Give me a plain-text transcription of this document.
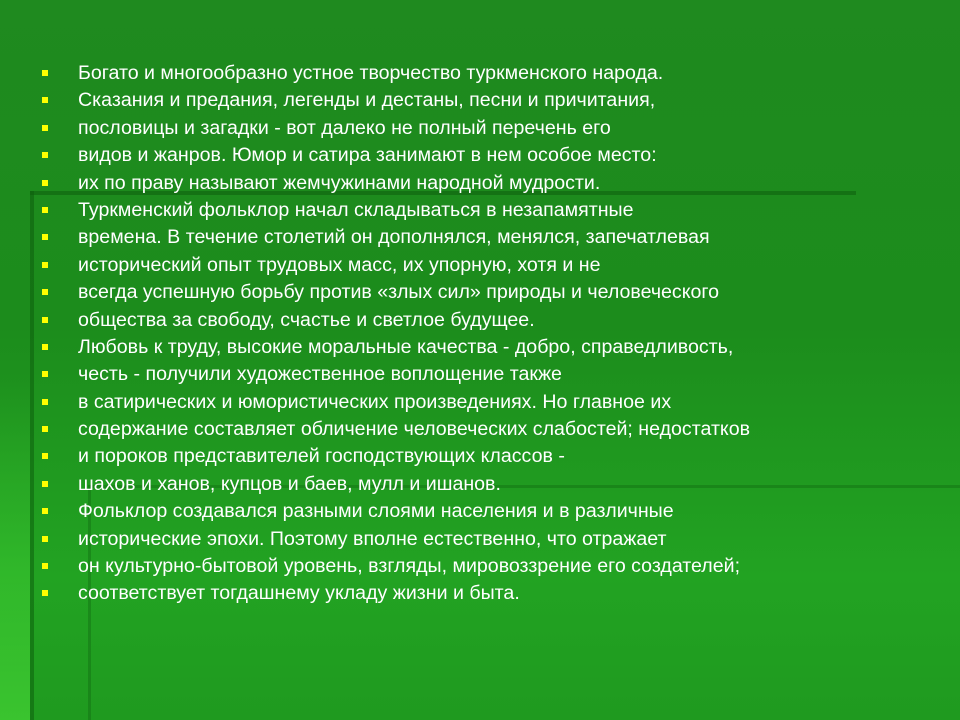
Богато и многообразно устное творчество туркменского народа.
Сказания и предания, легенды и дестаны, песни и причитания,
пословицы и загадки - вот далеко не полный перечень его
видов и жанров. Юмор и сатира занимают в нем особое место:
их по праву называют жемчужинами народной мудрости.
Туркменский фольклор начал складываться в незапамятные
времена. В течение столетий он дополнялся, менялся, запечатлевая
исторический опыт трудовых масс, их упорную, хотя и не
всегда успешную борьбу против «злых сил» природы и человеческого
общества за свободу, счастье и светлое будущее.
Любовь к труду, высокие моральные качества - добро, справедливость,
честь - получили художественное воплощение также
в сатирических и юмористических произведениях. Но главное их
содержание составляет обличение человеческих слабостей; недостатков
и пороков представителей господствующих классов -
шахов и ханов, купцов и баев, мулл и ишанов.
Фольклор создавался разными слоями населения и в различные
исторические эпохи. Поэтому вполне естественно, что отражает
он культурно-бытовой уровень, взгляды, мировоззрение его создателей;
соответствует тогдашнему укладу жизни и быта.
